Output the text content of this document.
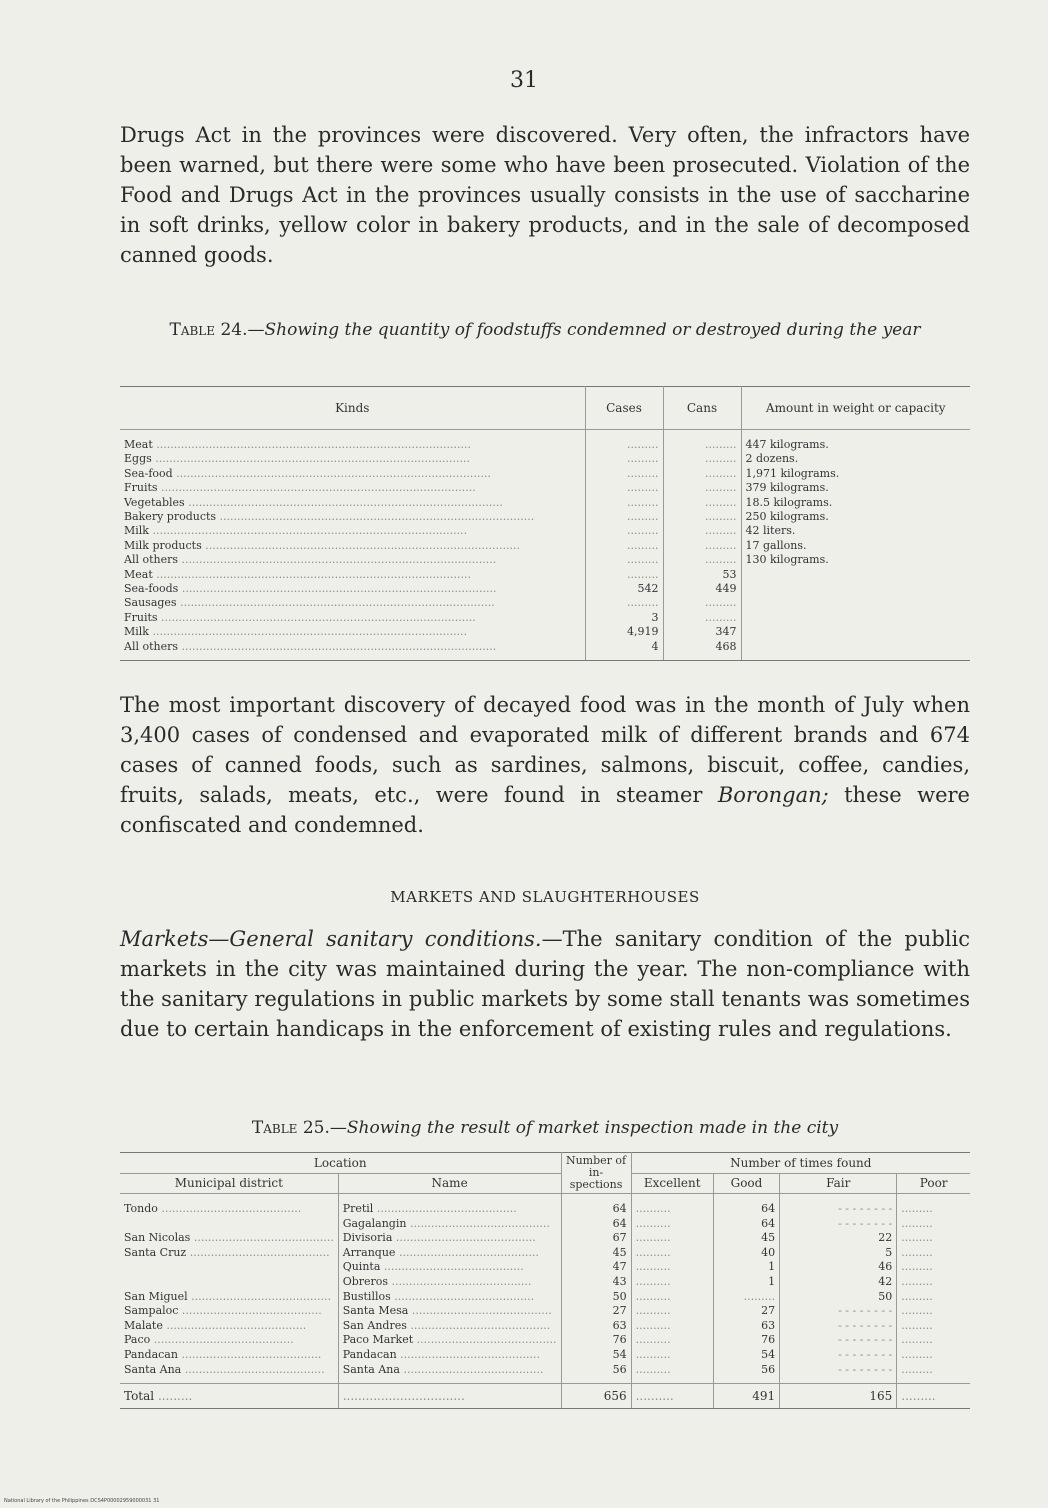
31

Drugs Act in the provinces were discovered. Very often, the infractors have been warned, but there were some who have been prosecuted. Violation of the Food and Drugs Act in the provinces usually consists in the use of saccharine in soft drinks, yellow color in bakery products, and in the sale of decomposed canned goods.

Table 24.—Showing the quantity of foodstuffs condemned or destroyed during the year
Kinds	Cases	Cans	Amount in weight or capacity
Meat ..........................................................................................	.........	.........	447 kilograms.
Eggs ..........................................................................................	.........	.........	2 dozens.
Sea-food ..........................................................................................	.........	.........	1,971 kilograms.
Fruits ..........................................................................................	.........	.........	379 kilograms.
Vegetables ..........................................................................................	.........	.........	18.5 kilograms.
Bakery products ..........................................................................................	.........	.........	250 kilograms.
Milk ..........................................................................................	.........	.........	42 liters.
Milk products ..........................................................................................	.........	.........	17 gallons.
All others ..........................................................................................	.........	.........	130 kilograms.
Meat ..........................................................................................	.........	53	
Sea-foods ..........................................................................................	542	449	
Sausages ..........................................................................................	.........	.........	
Fruits ..........................................................................................	3	.........	
Milk ..........................................................................................	4,919	347	
All others ..........................................................................................	4	468	

The most important discovery of decayed food was in the month of July when 3,400 cases of condensed and evaporated milk of different brands and 674 cases of canned foods, such as sardines, salmons, biscuit, coffee, candies, fruits, salads, meats, etc., were found in steamer Borongan; these were confiscated and condemned.

MARKETS AND SLAUGHTERHOUSES

Markets—General sanitary conditions.—The sanitary condition of the public markets in the city was maintained during the year. The non-compliance with the sanitary regulations in public markets by some stall tenants was sometimes due to certain handicaps in the enforcement of existing rules and regulations.

Table 25.—Showing the result of market inspection made in the city
Location		Number of in-spections	Number of times found			
Municipal district	Name		Excellent	Good	Fair	Poor
Tondo ........................................	Pretil ........................................	64	..........	64	- - - - - - - -	.........
	Gagalangin ........................................	64	..........	64	- - - - - - - -	.........
San Nicolas ........................................	Divisoria ........................................	67	..........	45	22	.........
Santa Cruz ........................................	Arranque ........................................	45	..........	40	5	.........
	Quinta ........................................	47	..........	1	46	.........
	Obreros ........................................	43	..........	1	42	.........
San Miguel ........................................	Bustillos ........................................	50	..........	.........	50	.........
Sampaloc ........................................	Santa Mesa ........................................	27	..........	27	- - - - - - - -	.........
Malate ........................................	San Andres ........................................	63	..........	63	- - - - - - - -	.........
Paco ........................................	Paco Market ........................................	76	..........	76	- - - - - - - -	.........
Pandacan ........................................	Pandacan ........................................	54	..........	54	- - - - - - - -	.........
Santa Ana ........................................	Santa Ana ........................................	56	..........	56	- - - - - - - -	.........
Total .........	................................	656	..........	491	165	.........
National Library of the Philippines DCS4P00002959000031 31
